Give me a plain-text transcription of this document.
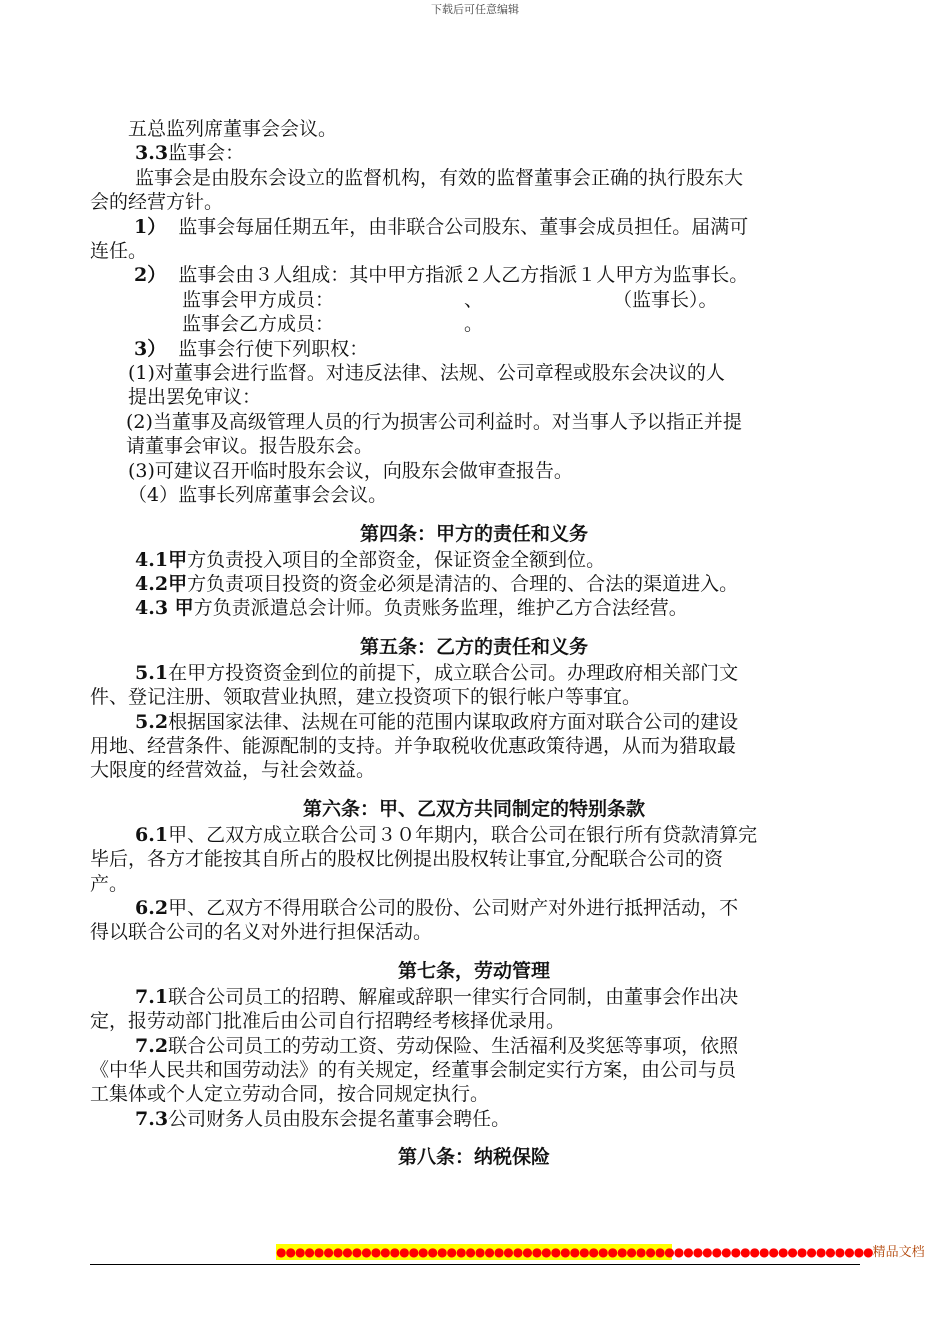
下载后可任意编辑

五总监列席董事会会议。

3.3监事会：

监事会是由股东会设立的监督机构，有效的监督董事会正确的执行股东大

会的经营方针。

1） 监事会每届任期五年，由非联合公司股东、董事会成员担任。届满可

连任。

2） 监事会由３人组成：其中甲方指派２人乙方指派１人甲方为监事长。

监事会甲方成员：	、	（监事长）。

监事会乙方成员：	。

3） 监事会行使下列职权：

(1)对董事会进行监督。对违反法律、法规、公司章程或股东会决议的人

提出罢免审议：

(2)当董事及高级管理人员的行为损害公司利益时。对当事人予以指正并提

请董事会审议。报告股东会。

(3)可建议召开临时股东会议，向股东会做审查报告。

（4）监事长列席董事会会议。

第四条：甲方的责任和义务

4.1甲方负责投入项目的全部资金，保证资金全额到位。

4.2甲方负责项目投资的资金必须是清洁的、合理的、合法的渠道进入。

4.3 甲方负责派遣总会计师。负责账务监理，维护乙方合法经营。

第五条：乙方的责任和义务

5.1在甲方投资资金到位的前提下，成立联合公司。办理政府相关部门文

件、登记注册、领取营业执照，建立投资项下的银行帐户等事宜。

5.2根据国家法律、法规在可能的范围内谋取政府方面对联合公司的建设

用地、经营条件、能源配制的支持。并争取税收优惠政策待遇，从而为猎取最

大限度的经营效益，与社会效益。

第六条：甲、乙双方共同制定的特别条款

6.1甲、乙双方成立联合公司３０年期内，联合公司在银行所有贷款清算完

毕后，各方才能按其自所占的股权比例提出股权转让事宜,分配联合公司的资

产。

6.2甲、乙双方不得用联合公司的股份、公司财产对外进行抵押活动，不

得以联合公司的名义对外进行担保活动。

第七条，劳动管理

7.1联合公司员工的招聘、解雇或辞职一律实行合同制，由董事会作出决

定，报劳动部门批准后由公司自行招聘经考核择优录用。

7.2联合公司员工的劳动工资、劳动保险、生活福利及奖惩等事项，依照

《中华人民共和国劳动法》的有关规定，经董事会制定实行方案，由公司与员

工集体或个人定立劳动合同，按合同规定执行。

7.3公司财务人员由股东会提名董事会聘任。

第八条：纳税保险
●●●●●●●●●●●●●●●●●●●●●●●●●●●●●●●●●●●●●●●●●●●●●●●●●●●●●●●●●●●●●●●精品文档
